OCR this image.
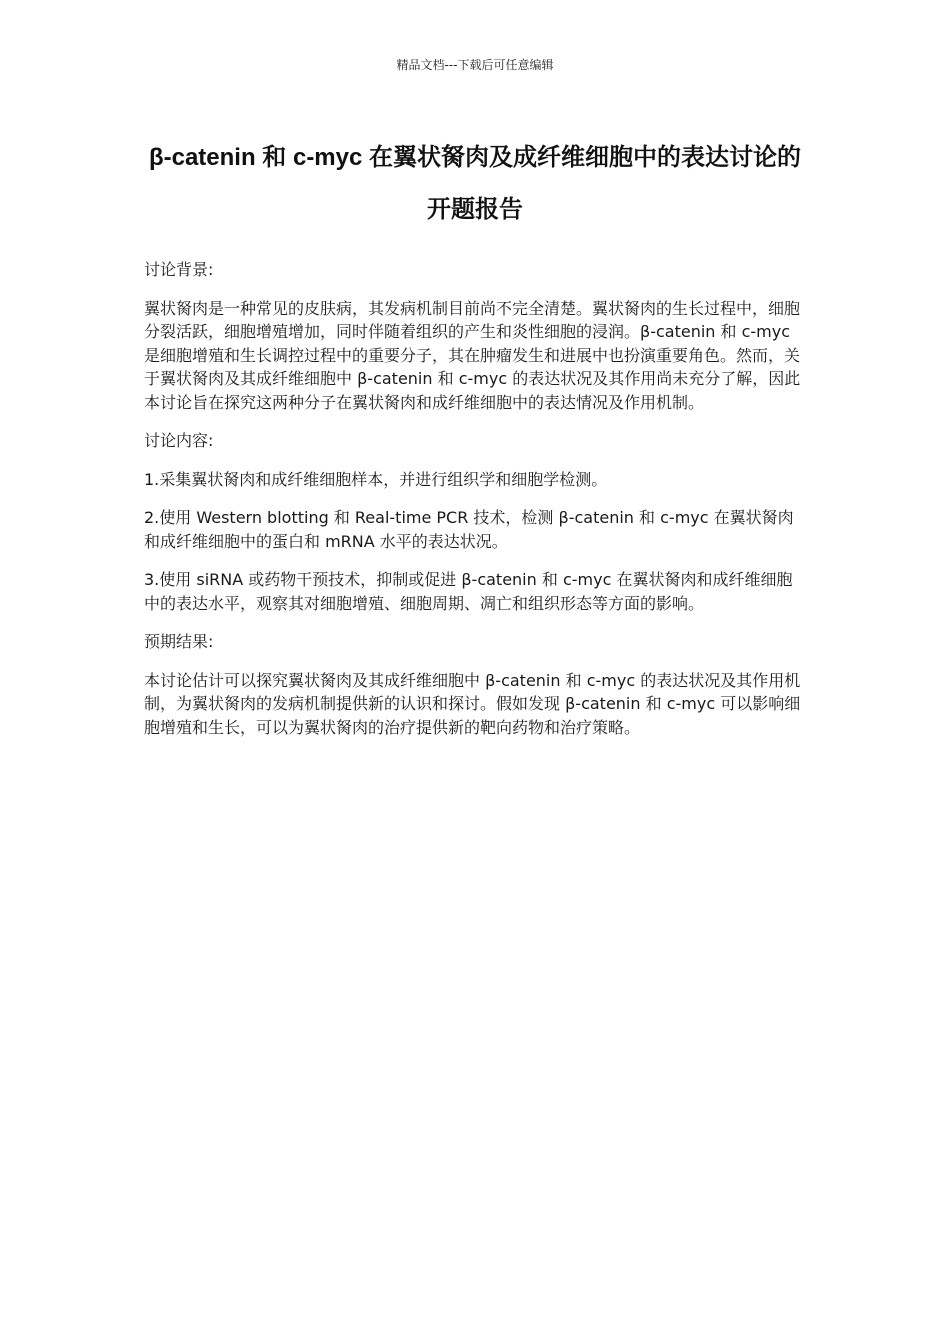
精品文档---下载后可任意编辑
β-catenin 和 c-myc 在翼状胬肉及成纤维细胞中的表达讨论的开题报告

讨论背景:

翼状胬肉是一种常见的皮肤病，其发病机制目前尚不完全清楚。翼状胬肉的生长过程中，细胞分裂活跃，细胞增殖增加，同时伴随着组织的产生和炎性细胞的浸润。β-catenin 和 c-myc 是细胞增殖和生长调控过程中的重要分子，其在肿瘤发生和进展中也扮演重要角色。然而，关于翼状胬肉及其成纤维细胞中 β-catenin 和 c-myc 的表达状况及其作用尚未充分了解，因此本讨论旨在探究这两种分子在翼状胬肉和成纤维细胞中的表达情况及作用机制。

讨论内容:

1.采集翼状胬肉和成纤维细胞样本，并进行组织学和细胞学检测。

2.使用 Western blotting 和 Real-time PCR 技术，检测 β-catenin 和 c-myc 在翼状胬肉和成纤维细胞中的蛋白和 mRNA 水平的表达状况。

3.使用 siRNA 或药物干预技术，抑制或促进 β-catenin 和 c-myc 在翼状胬肉和成纤维细胞中的表达水平，观察其对细胞增殖、细胞周期、凋亡和组织形态等方面的影响。

预期结果:

本讨论估计可以探究翼状胬肉及其成纤维细胞中 β-catenin 和 c-myc 的表达状况及其作用机制，为翼状胬肉的发病机制提供新的认识和探讨。假如发现 β-catenin 和 c-myc 可以影响细胞增殖和生长，可以为翼状胬肉的治疗提供新的靶向药物和治疗策略。
